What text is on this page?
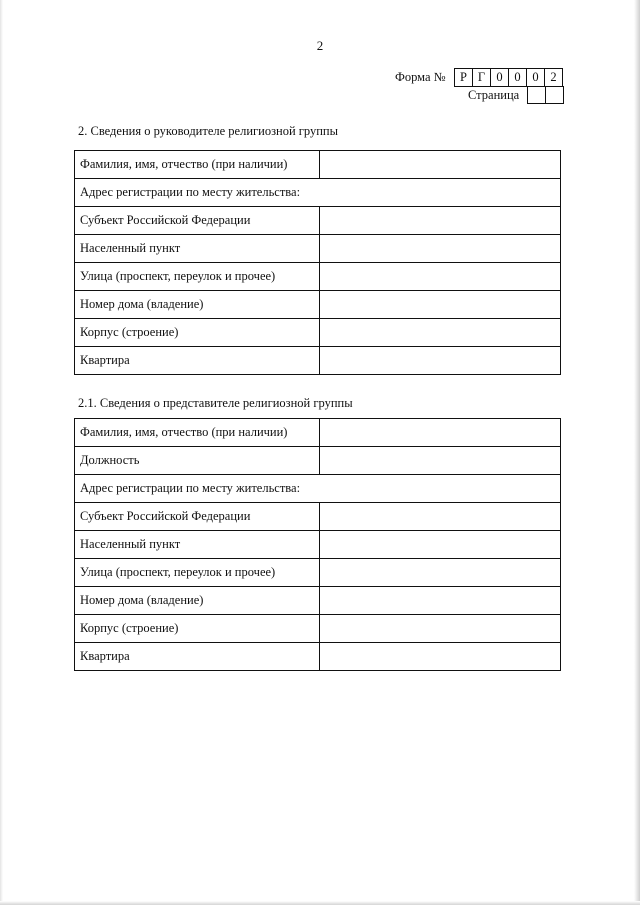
2
Форма №	Р	Г	0	0	0	2
Страница

2. Сведения о руководителе религиозной группы
Фамилия, имя, отчество (при наличии)	
Адрес регистрации по месту жительства:	
Субъект Российской Федерации	
Населенный пункт	
Улица (проспект, переулок и прочее)	
Номер дома (владение)	
Корпус (строение)	
Квартира	
2.1. Сведения о представителе религиозной группы
Фамилия, имя, отчество (при наличии)	
Должность	
Адрес регистрации по месту жительства:	
Субъект Российской Федерации	
Населенный пункт	
Улица (проспект, переулок и прочее)	
Номер дома (владение)	
Корпус (строение)	
Квартира	
